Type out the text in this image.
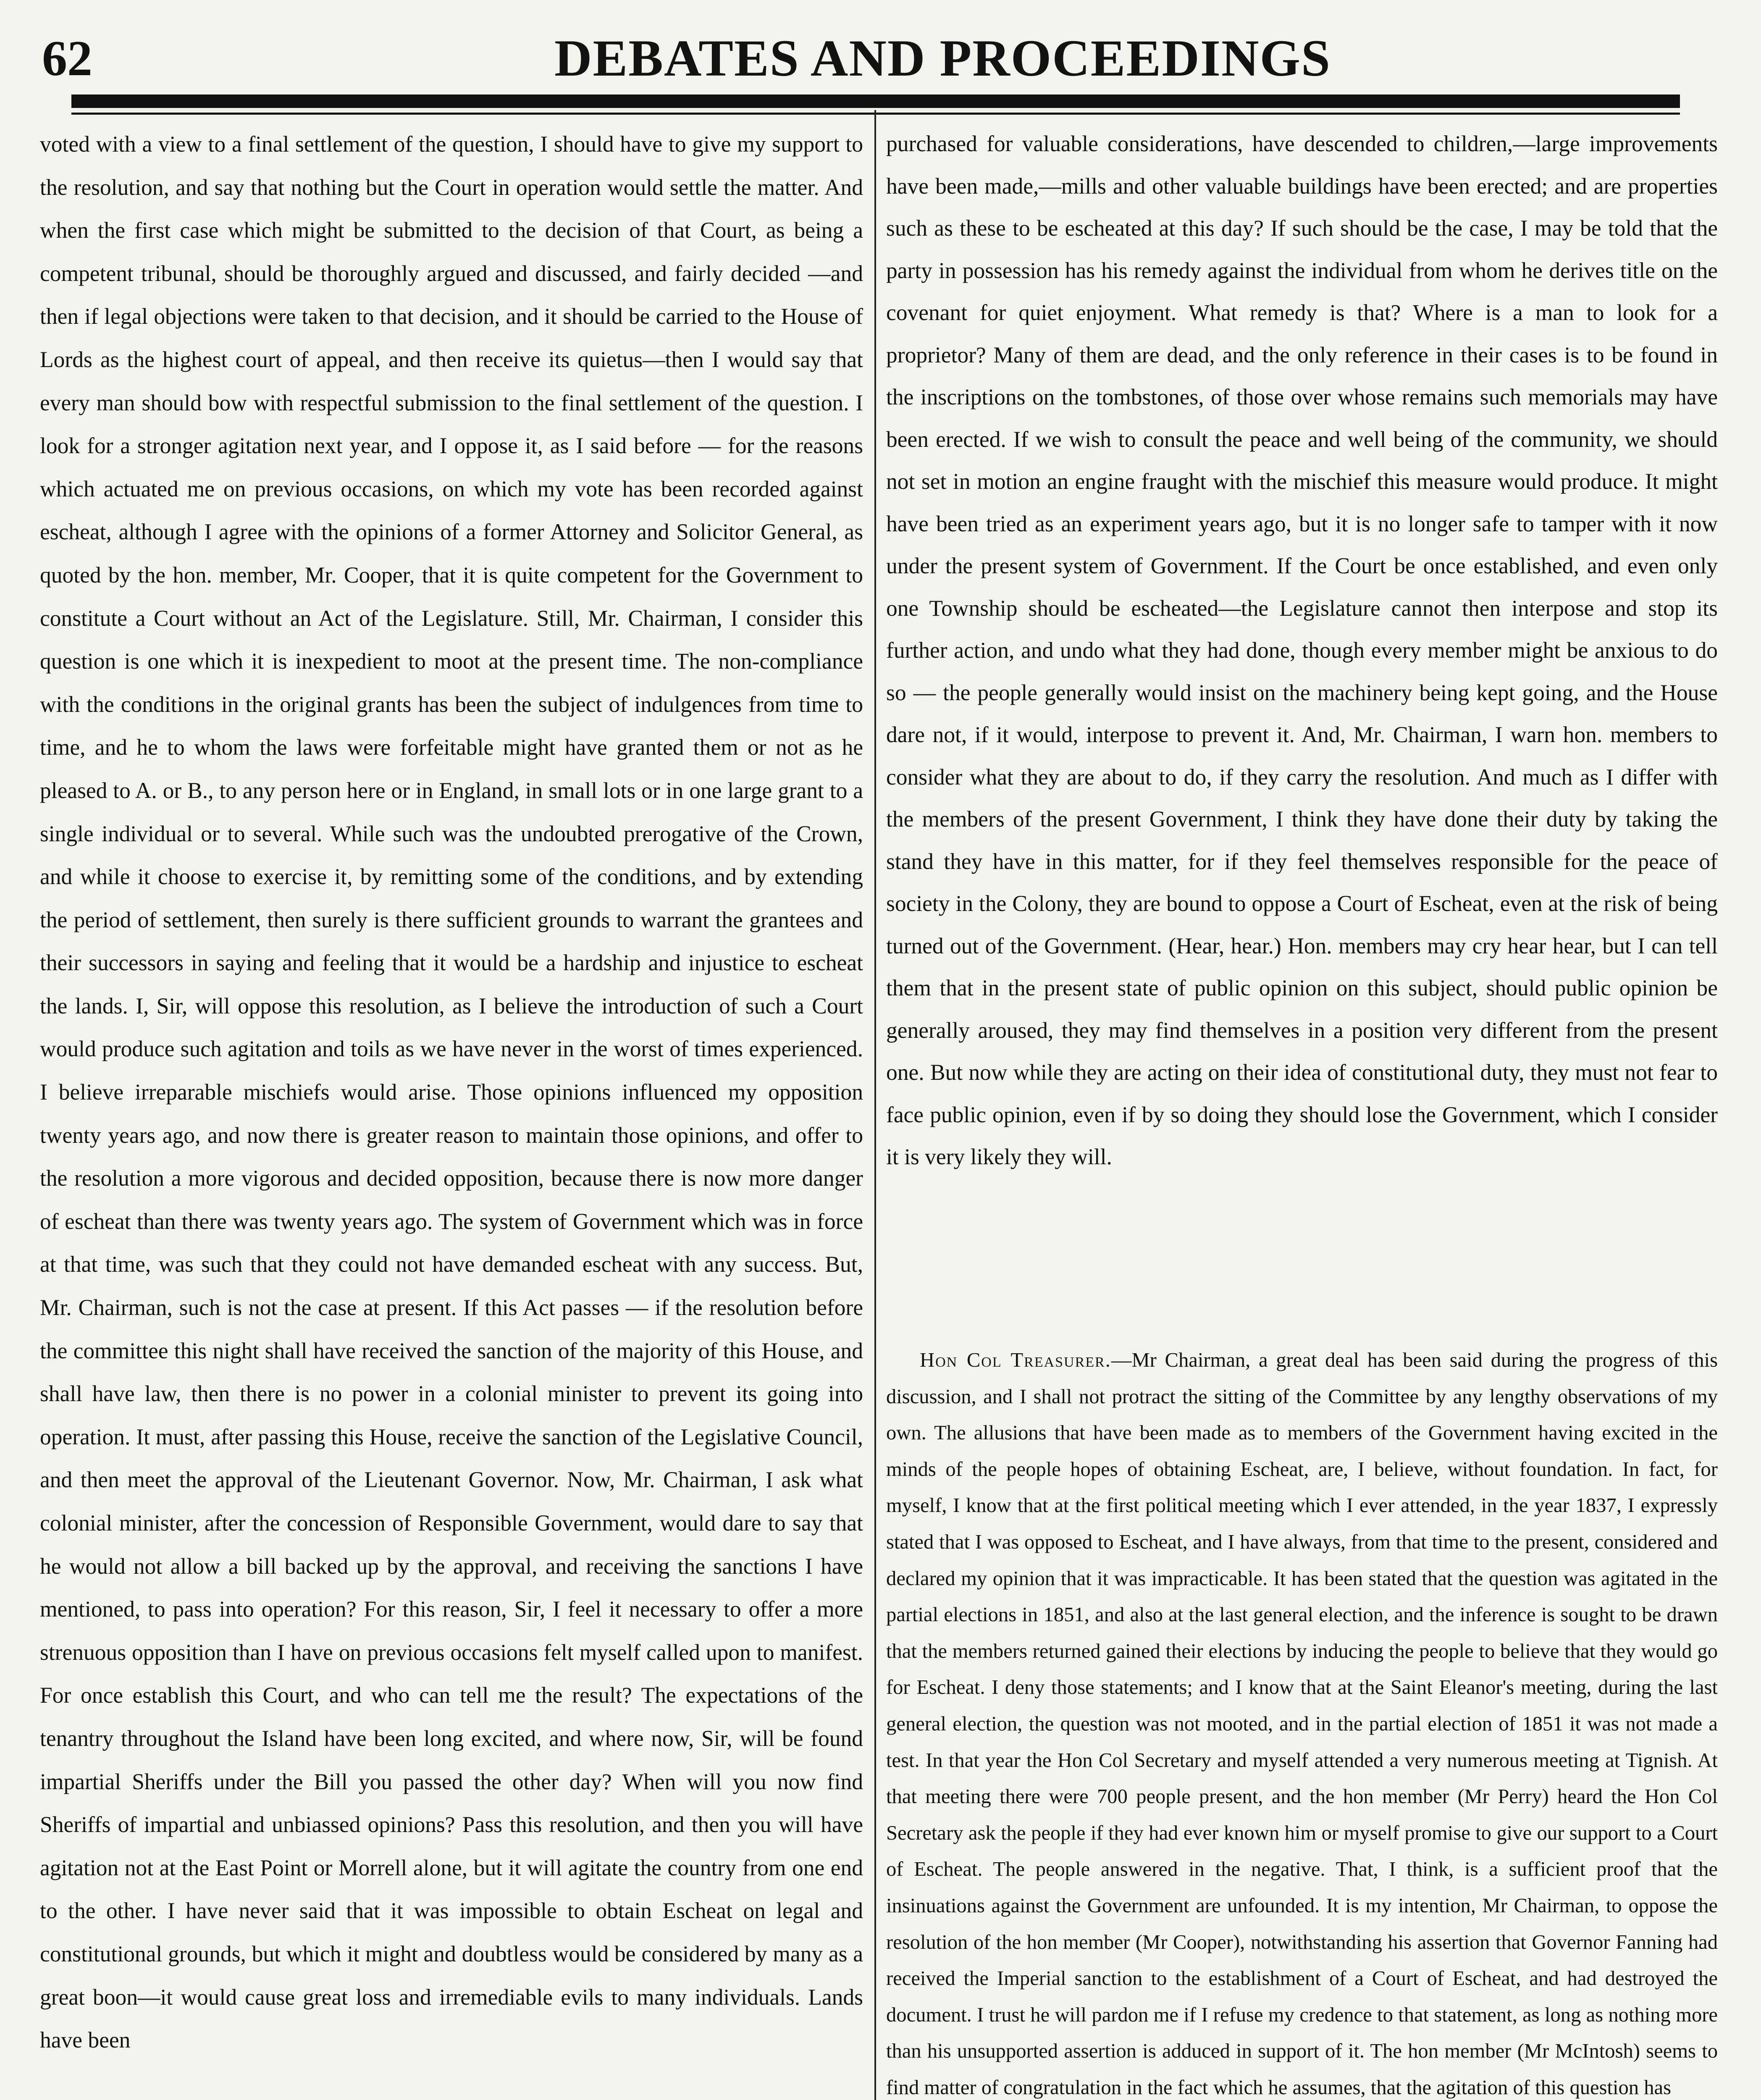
62	DEBATES AND PROCEEDINGS

voted with a view to a final settlement of the question, I should have to give my support to the resolution, and say that nothing but the Court in operation would settle the matter. And when the first case which might be submitted to the decision of that Court, as being a competent tribunal, should be thoroughly argued and discussed, and fairly decided —and then if legal objections were taken to that decision, and it should be carried to the House of Lords as the highest court of appeal, and then receive its quietus—then I would say that every man should bow with respectful submission to the final settlement of the question. I look for a stronger agitation next year, and I oppose it, as I said before — for the reasons which actuated me on previous occasions, on which my vote has been recorded against escheat, although I agree with the opinions of a former Attorney and Solicitor General, as quoted by the hon. member, Mr. Cooper, that it is quite competent for the Government to constitute a Court without an Act of the Legislature. Still, Mr. Chairman, I consider this question is one which it is inexpedient to moot at the present time. The non-compliance with the conditions in the original grants has been the subject of indulgences from time to time, and he to whom the laws were forfeitable might have granted them or not as he pleased to A. or B., to any person here or in England, in small lots or in one large grant to a single individual or to several. While such was the undoubted prerogative of the Crown, and while it choose to exercise it, by remitting some of the conditions, and by extending the period of settlement, then surely is there sufficient grounds to warrant the grantees and their successors in saying and feeling that it would be a hardship and injustice to escheat the lands. I, Sir, will oppose this resolution, as I believe the introduction of such a Court would produce such agitation and toils as we have never in the worst of times experienced. I believe irreparable mischiefs would arise. Those opinions influenced my opposition twenty years ago, and now there is greater reason to maintain those opinions, and offer to the resolution a more vigorous and decided opposition, because there is now more danger of escheat than there was twenty years ago. The system of Government which was in force at that time, was such that they could not have demanded escheat with any success. But, Mr. Chairman, such is not the case at present. If this Act passes — if the resolution before the committee this night shall have received the sanction of the majority of this House, and shall have law, then there is no power in a colonial minister to prevent its going into operation. It must, after passing this House, receive the sanction of the Legislative Council, and then meet the approval of the Lieutenant Governor. Now, Mr. Chairman, I ask what colonial minister, after the concession of Responsible Government, would dare to say that he would not allow a bill backed up by the approval, and receiving the sanctions I have mentioned, to pass into operation? For this reason, Sir, I feel it necessary to offer a more strenuous opposition than I have on previous occasions felt myself called upon to manifest. For once establish this Court, and who can tell me the result? The expectations of the tenantry throughout the Island have been long excited, and where now, Sir, will be found impartial Sheriffs under the Bill you passed the other day? When will you now find Sheriffs of impartial and unbiassed opinions? Pass this resolution, and then you will have agitation not at the East Point or Morrell alone, but it will agitate the country from one end to the other. I have never said that it was impossible to obtain Escheat on legal and constitutional grounds, but which it might and doubtless would be considered by many as a great boon—it would cause great loss and irremediable evils to many individuals. Lands have been

purchased for valuable considerations, have descended to children,—large improvements have been made,—mills and other valuable buildings have been erected; and are properties such as these to be escheated at this day? If such should be the case, I may be told that the party in possession has his remedy against the individual from whom he derives title on the covenant for quiet enjoyment. What remedy is that? Where is a man to look for a proprietor? Many of them are dead, and the only reference in their cases is to be found in the inscriptions on the tombstones, of those over whose remains such memorials may have been erected. If we wish to consult the peace and well being of the community, we should not set in motion an engine fraught with the mischief this measure would produce. It might have been tried as an experiment years ago, but it is no longer safe to tamper with it now under the present system of Government. If the Court be once established, and even only one Township should be escheated—the Legislature cannot then interpose and stop its further action, and undo what they had done, though every member might be anxious to do so — the people generally would insist on the machinery being kept going, and the House dare not, if it would, interpose to prevent it. And, Mr. Chairman, I warn hon. members to consider what they are about to do, if they carry the resolution. And much as I differ with the members of the present Government, I think they have done their duty by taking the stand they have in this matter, for if they feel themselves responsible for the peace of society in the Colony, they are bound to oppose a Court of Escheat, even at the risk of being turned out of the Government. (Hear, hear.) Hon. members may cry hear hear, but I can tell them that in the present state of public opinion on this subject, should public opinion be generally aroused, they may find themselves in a position very different from the present one. But now while they are acting on their idea of constitutional duty, they must not fear to face public opinion, even if by so doing they should lose the Government, which I consider it is very likely they will.

Hon Col Treasurer.—Mr Chairman, a great deal has been said during the progress of this discussion, and I shall not protract the sitting of the Committee by any lengthy observations of my own. The allusions that have been made as to members of the Government having excited in the minds of the people hopes of obtaining Escheat, are, I believe, without foundation. In fact, for myself, I know that at the first political meeting which I ever attended, in the year 1837, I expressly stated that I was opposed to Escheat, and I have always, from that time to the present, considered and declared my opinion that it was impracticable. It has been stated that the question was agitated in the partial elections in 1851, and also at the last general election, and the inference is sought to be drawn that the members returned gained their elections by inducing the people to believe that they would go for Escheat. I deny those statements; and I know that at the Saint Eleanor's meeting, during the last general election, the question was not mooted, and in the partial election of 1851 it was not made a test. In that year the Hon Col Secretary and myself attended a very numerous meeting at Tignish. At that meeting there were 700 people present, and the hon member (Mr Perry) heard the Hon Col Secretary ask the people if they had ever known him or myself promise to give our support to a Court of Escheat. The people answered in the negative. That, I think, is a sufficient proof that the insinuations against the Government are unfounded. It is my intention, Mr Chairman, to oppose the resolution of the hon member (Mr Cooper), notwithstanding his assertion that Governor Fanning had received the Imperial sanction to the establishment of a Court of Escheat, and had destroyed the document. I trust he will pardon me if I refuse my credence to that statement, as long as nothing more than his unsupported assertion is adduced in support of it. The hon member (Mr McIntosh) seems to find matter of congratulation in the fact which he assumes, that the agitation of this question has
